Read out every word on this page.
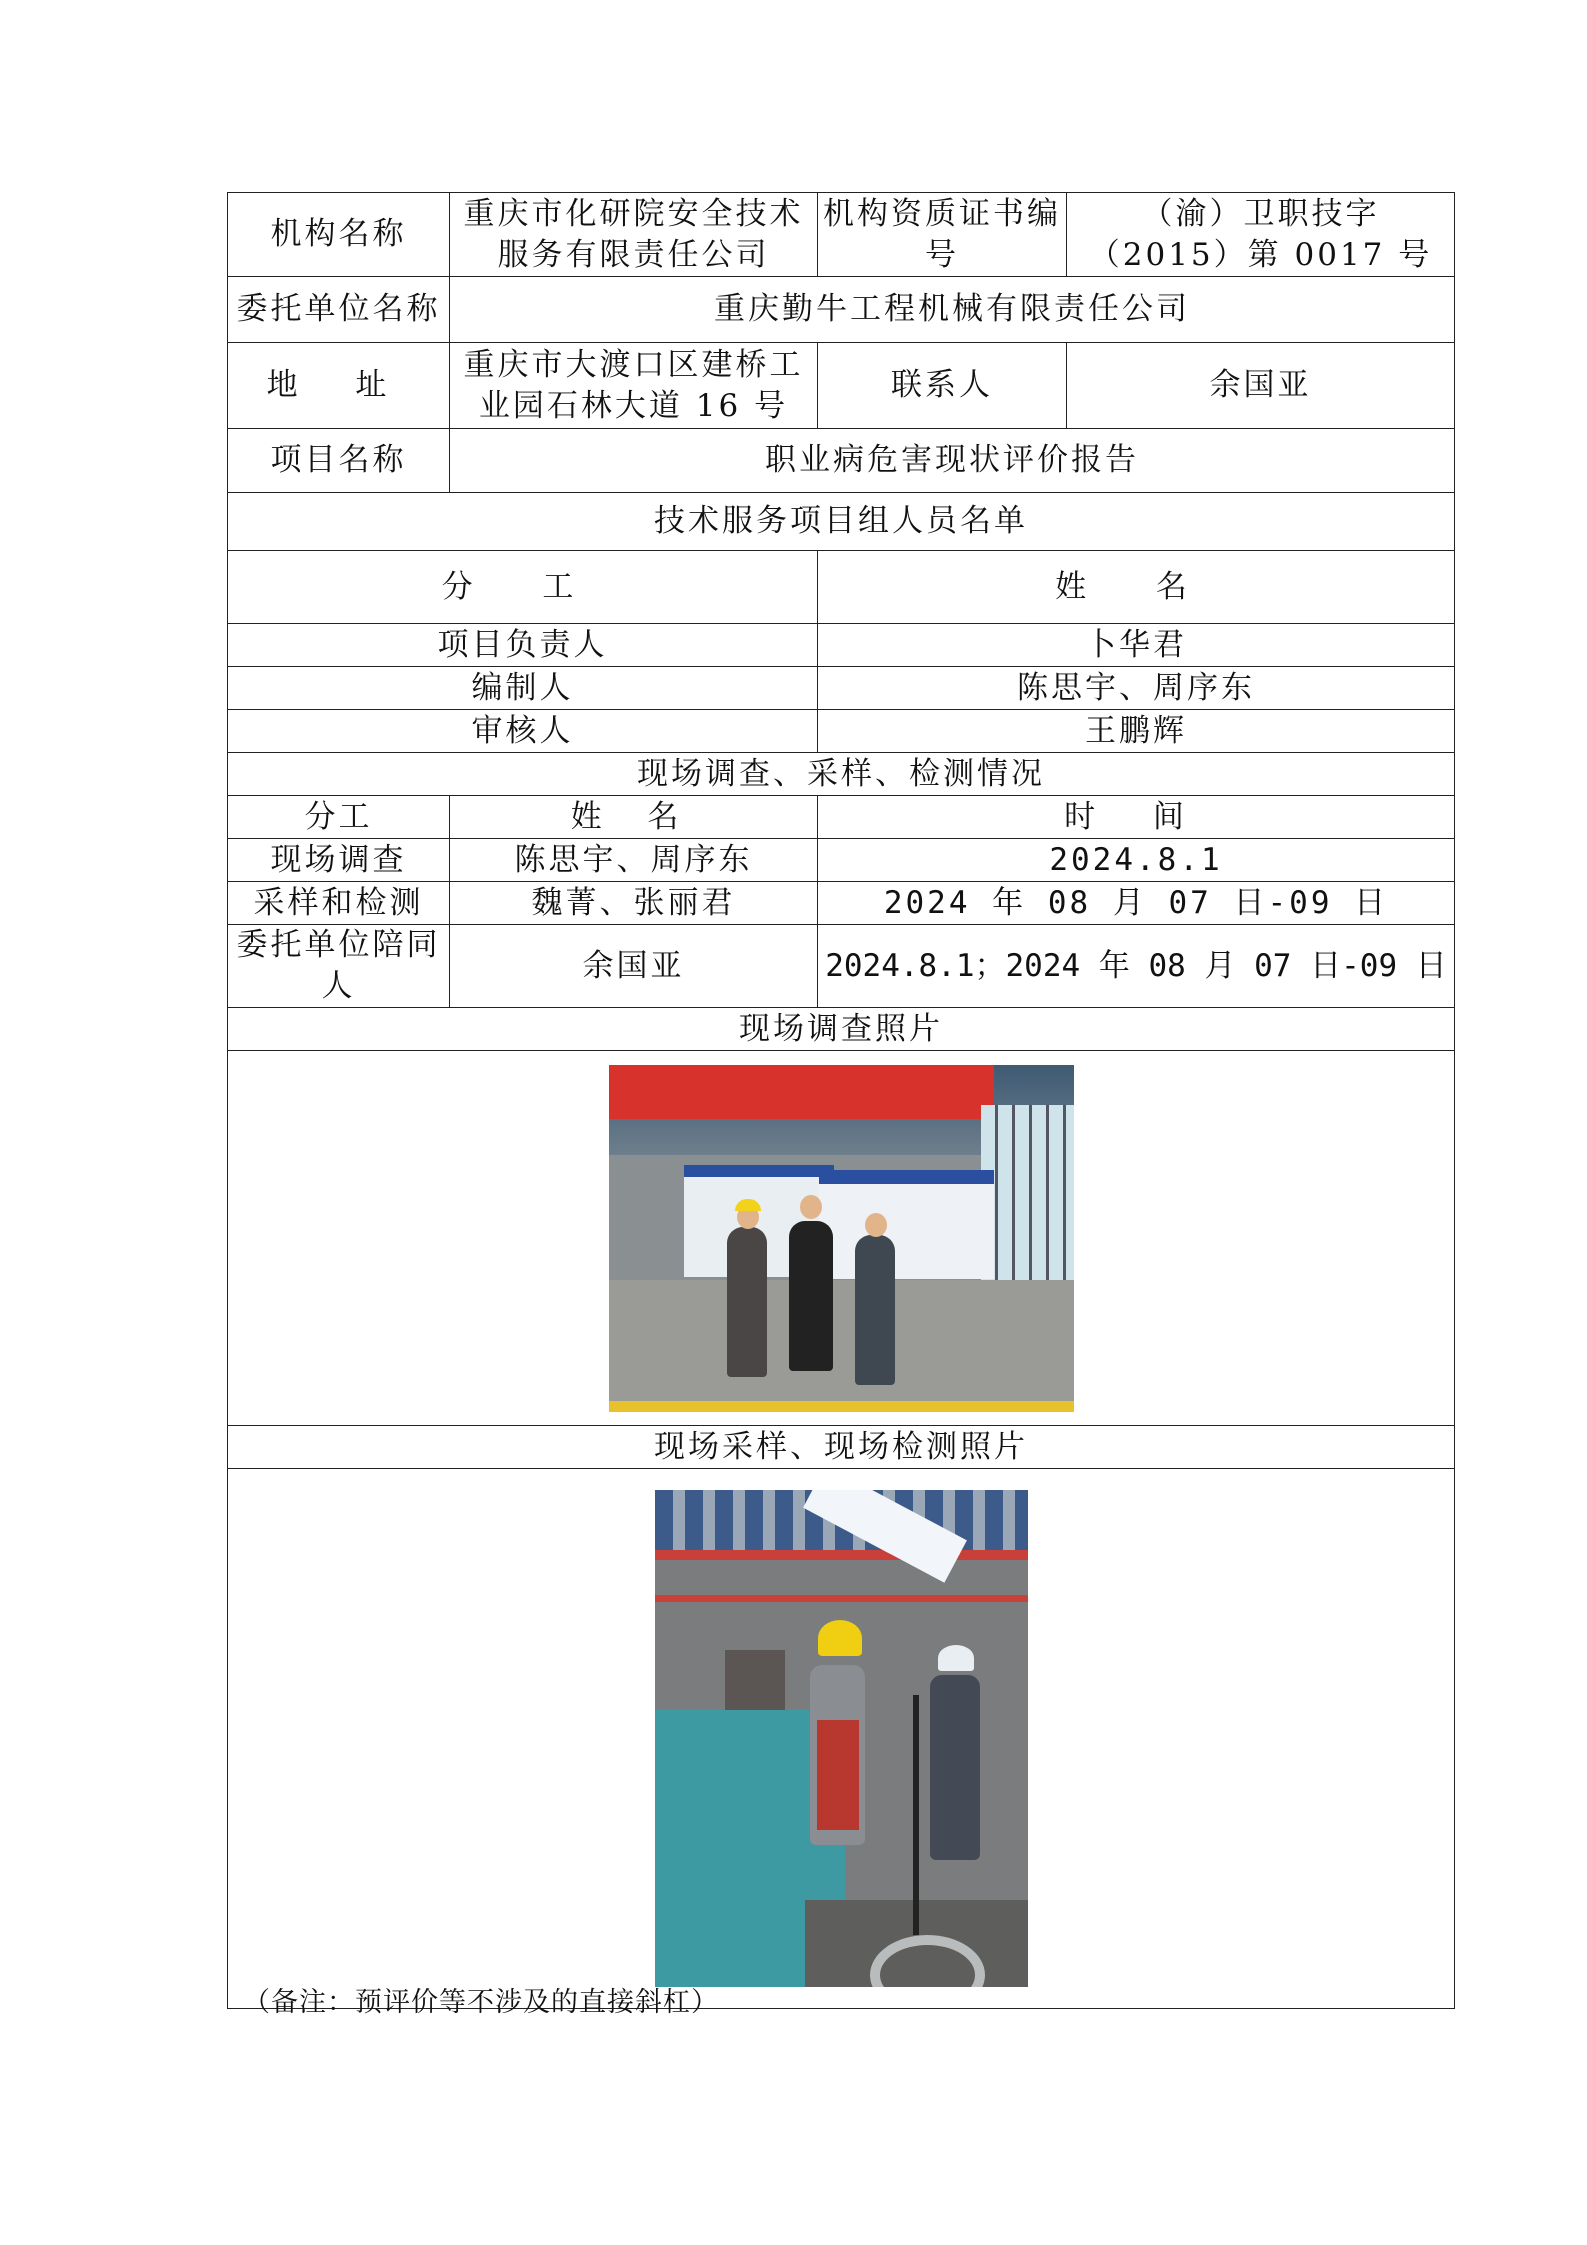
机构名称	重庆市化研院安全技术服务有限责任公司	机构资质证书编号	（渝）卫职技字（2015）第 0017 号
委托单位名称	重庆勤牛工程机械有限责任公司		
地 址	重庆市大渡口区建桥工业园石林大道 16 号	联系人	余国亚
项目名称	职业病危害现状评价报告		
技术服务项目组人员名单			
分 工		姓 名	
项目负责人		卜华君	
编制人		陈思宇、周序东	
审核人		王鹏辉	
现场调查、采样、检测情况			
分工	姓 名	时 间	
现场调查	陈思宇、周序东	2024.8.1	
采样和检测	魏菁、张丽君	2024 年 08 月 07 日-09 日	
委托单位陪同人	余国亚	2024.8.1；2024 年 08 月 07 日-09 日	
现场调查照片			

现场采样、现场检测照片			

（备注：预评价等不涉及的直接斜杠）
